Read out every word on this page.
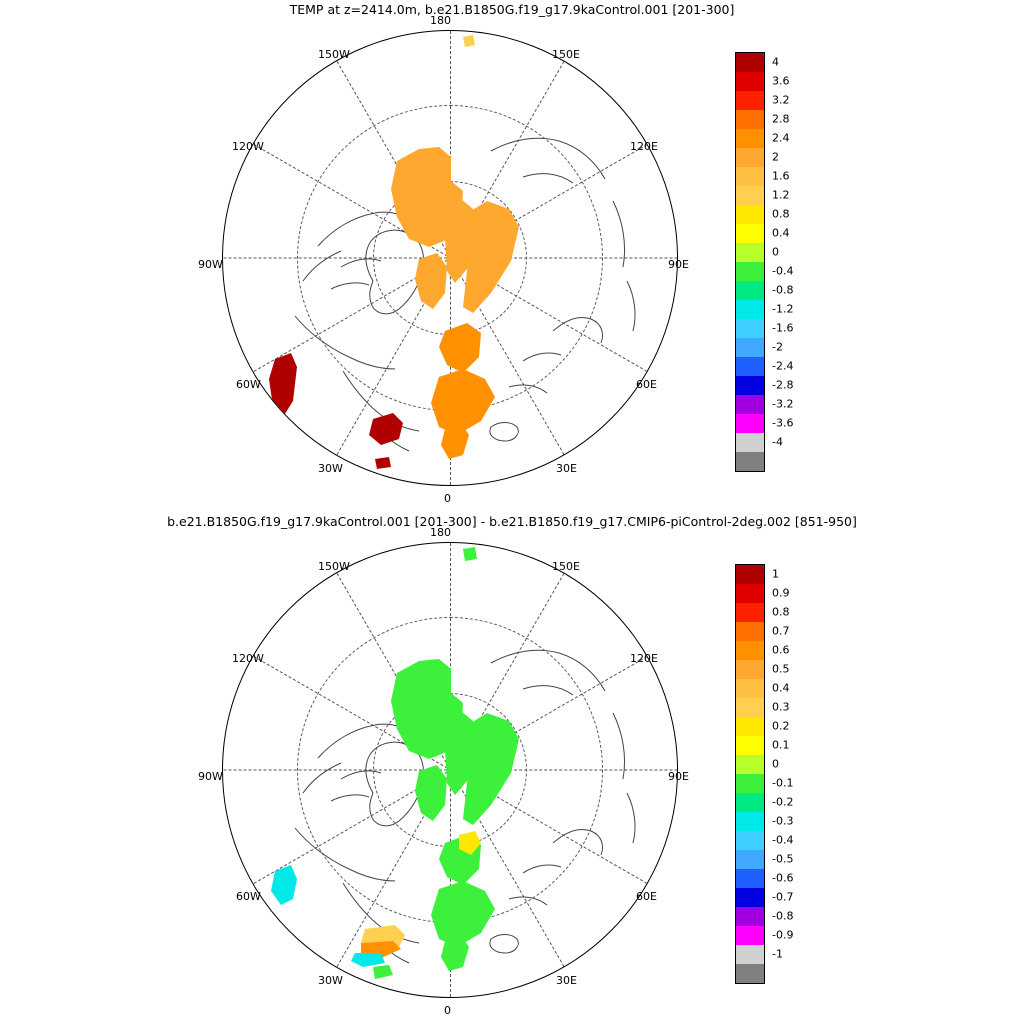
TEMP at z=2414.0m, b.e21.B1850G.f19_g17.9kaControl.001 [201-300]
180
150W
120W
90W
60W
30W
0
30E
60E
90E
120E
150E
4
3.6
3.2
2.8
2.4
2
1.6
1.2
0.8
0.4
0
-0.4
-0.8
-1.2
-1.6
-2
-2.4
-2.8
-3.2
-3.6
-4
b.e21.B1850G.f19_g17.9kaControl.001 [201-300] - b.e21.B1850.f19_g17.CMIP6-piControl-2deg.002 [851-950]
180
150W
120W
90W
60W
30W
0
30E
60E
90E
120E
150E
1
0.9
0.8
0.7
0.6
0.5
0.4
0.3
0.2
0.1
0
-0.1
-0.2
-0.3
-0.4
-0.5
-0.6
-0.7
-0.8
-0.9
-1
